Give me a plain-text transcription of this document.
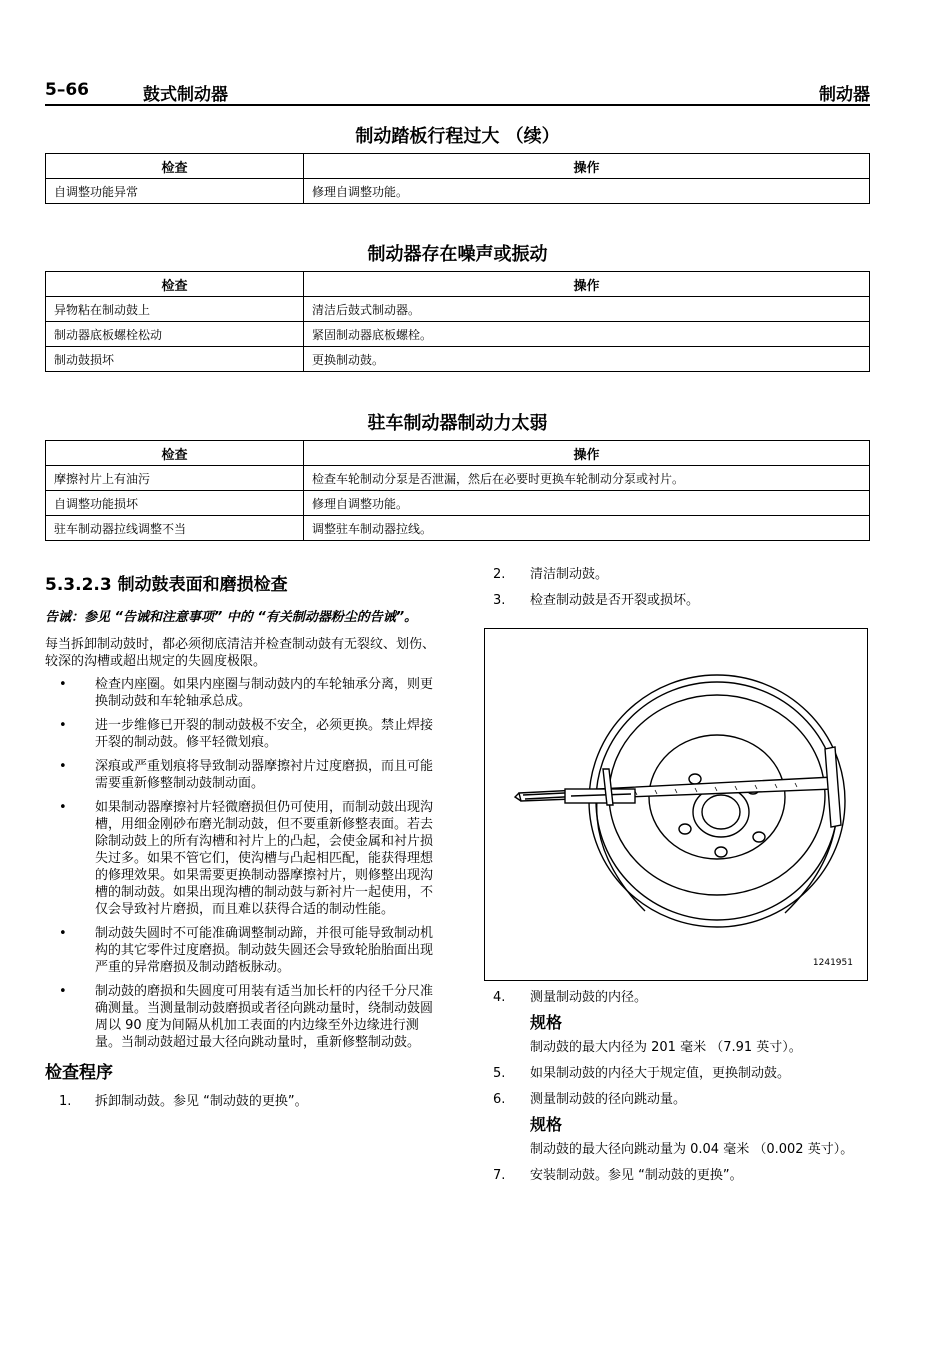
5–66	鼓式制动器	制动器
制动踏板行程过大 （续）
检查	操作
自调整功能异常	修理自调整功能。
制动器存在噪声或振动
检查	操作
异物粘在制动鼓上	清洁后鼓式制动器。
制动器底板螺栓松动	紧固制动器底板螺栓。
制动鼓损坏	更换制动鼓。
驻车制动器制动力太弱
检查	操作
摩擦衬片上有油污	检查车轮制动分泵是否泄漏，然后在必要时更换车轮制动分泵或衬片。
自调整功能损坏	修理自调整功能。
驻车制动器拉线调整不当	调整驻车制动器拉线。
5.3.2.3 制动鼓表面和磨损检查
告诫：参见 “告诫和注意事项” 中的 “有关制动器粉尘的告诫”。
每当拆卸制动鼓时，都必须彻底清洁并检查制动鼓有无裂纹、划伤、较深的沟槽或超出规定的失圆度极限。
• 检查内座圈。如果内座圈与制动鼓内的车轮轴承分离，则更换制动鼓和车轮轴承总成。
• 进一步维修已开裂的制动鼓极不安全，必须更换。禁止焊接开裂的制动鼓。修平轻微划痕。
• 深痕或严重划痕将导致制动器摩擦衬片过度磨损，而且可能需要重新修整制动鼓制动面。
• 如果制动器摩擦衬片轻微磨损但仍可使用，而制动鼓出现沟槽，用细金刚砂布磨光制动鼓，但不要重新修整表面。若去除制动鼓上的所有沟槽和衬片上的凸起，会使金属和衬片损失过多。如果不管它们，使沟槽与凸起相匹配，能获得理想的修理效果。如果需要更换制动器摩擦衬片，则修整出现沟槽的制动鼓。如果出现沟槽的制动鼓与新衬片一起使用，不仅会导致衬片磨损，而且难以获得合适的制动性能。
• 制动鼓失圆时不可能准确调整制动蹄，并很可能导致制动机构的其它零件过度磨损。制动鼓失圆还会导致轮胎胎面出现严重的异常磨损及制动踏板脉动。
• 制动鼓的磨损和失圆度可用装有适当加长杆的内径千分尺准确测量。当测量制动鼓磨损或者径向跳动量时，绕制动鼓圆周以 90 度为间隔从机加工表面的内边缘至外边缘进行测量。当制动鼓超过最大径向跳动量时，重新修整制动鼓。
检查程序
1. 拆卸制动鼓。参见 “制动鼓的更换”。
2. 清洁制动鼓。
3. 检查制动鼓是否开裂或损坏。
1241951
4. 测量制动鼓的内径。
规格
制动鼓的最大内径为 201 毫米 （7.91 英寸）。
5. 如果制动鼓的内径大于规定值，更换制动鼓。
6. 测量制动鼓的径向跳动量。
规格
制动鼓的最大径向跳动量为 0.04 毫米 （0.002 英寸）。
7. 安装制动鼓。参见 “制动鼓的更换”。
